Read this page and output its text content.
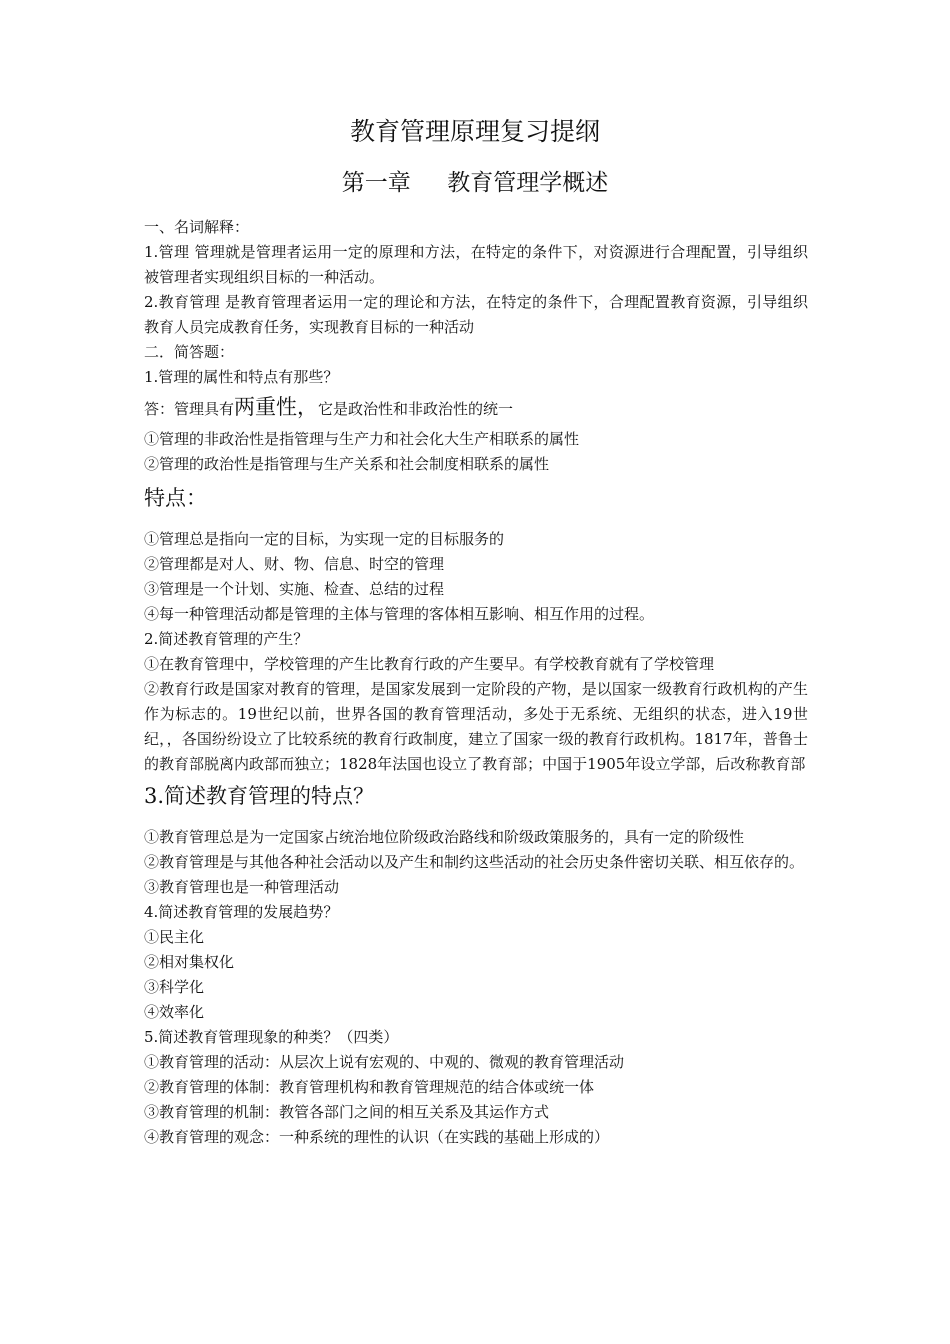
教育管理原理复习提纲
第一章     教育管理学概述

一、名词解释：

1.管理 管理就是管理者运用一定的原理和方法，在特定的条件下，对资源进行合理配置，引导组织被管理者实现组织目标的一种活动。

2.教育管理 是教育管理者运用一定的理论和方法，在特定的条件下，合理配置教育资源，引导组织教育人员完成教育任务，实现教育目标的一种活动

二．简答题：

1.管理的属性和特点有那些？

答：管理具有两重性，它是政治性和非政治性的统一

①管理的非政治性是指管理与生产力和社会化大生产相联系的属性

②管理的政治性是指管理与生产关系和社会制度相联系的属性

特点：

①管理总是指向一定的目标，为实现一定的目标服务的

②管理都是对人、财、物、信息、时空的管理

③管理是一个计划、实施、检查、总结的过程

④每一种管理活动都是管理的主体与管理的客体相互影响、相互作用的过程。

2.简述教育管理的产生？

①在教育管理中，学校管理的产生比教育行政的产生要早。有学校教育就有了学校管理

②教育行政是国家对教育的管理，是国家发展到一定阶段的产物，是以国家一级教育行政机构的产生作为标志的。19世纪以前，世界各国的教育管理活动，多处于无系统、无组织的状态，进入19世纪，，各国纷纷设立了比较系统的教育行政制度，建立了国家一级的教育行政机构。1817年，普鲁士的教育部脱离内政部而独立；1828年法国也设立了教育部；中国于1905年设立学部，后改称教育部

3.简述教育管理的特点？

①教育管理总是为一定国家占统治地位阶级政治路线和阶级政策服务的，具有一定的阶级性

②教育管理是与其他各种社会活动以及产生和制约这些活动的社会历史条件密切关联、相互依存的。

③教育管理也是一种管理活动

4.简述教育管理的发展趋势？

①民主化

②相对集权化

③科学化

④效率化

5.简述教育管理现象的种类？（四类）

①教育管理的活动：从层次上说有宏观的、中观的、微观的教育管理活动

②教育管理的体制：教育管理机构和教育管理规范的结合体或统一体

③教育管理的机制：教管各部门之间的相互关系及其运作方式

④教育管理的观念：一种系统的理性的认识（在实践的基础上形成的）
